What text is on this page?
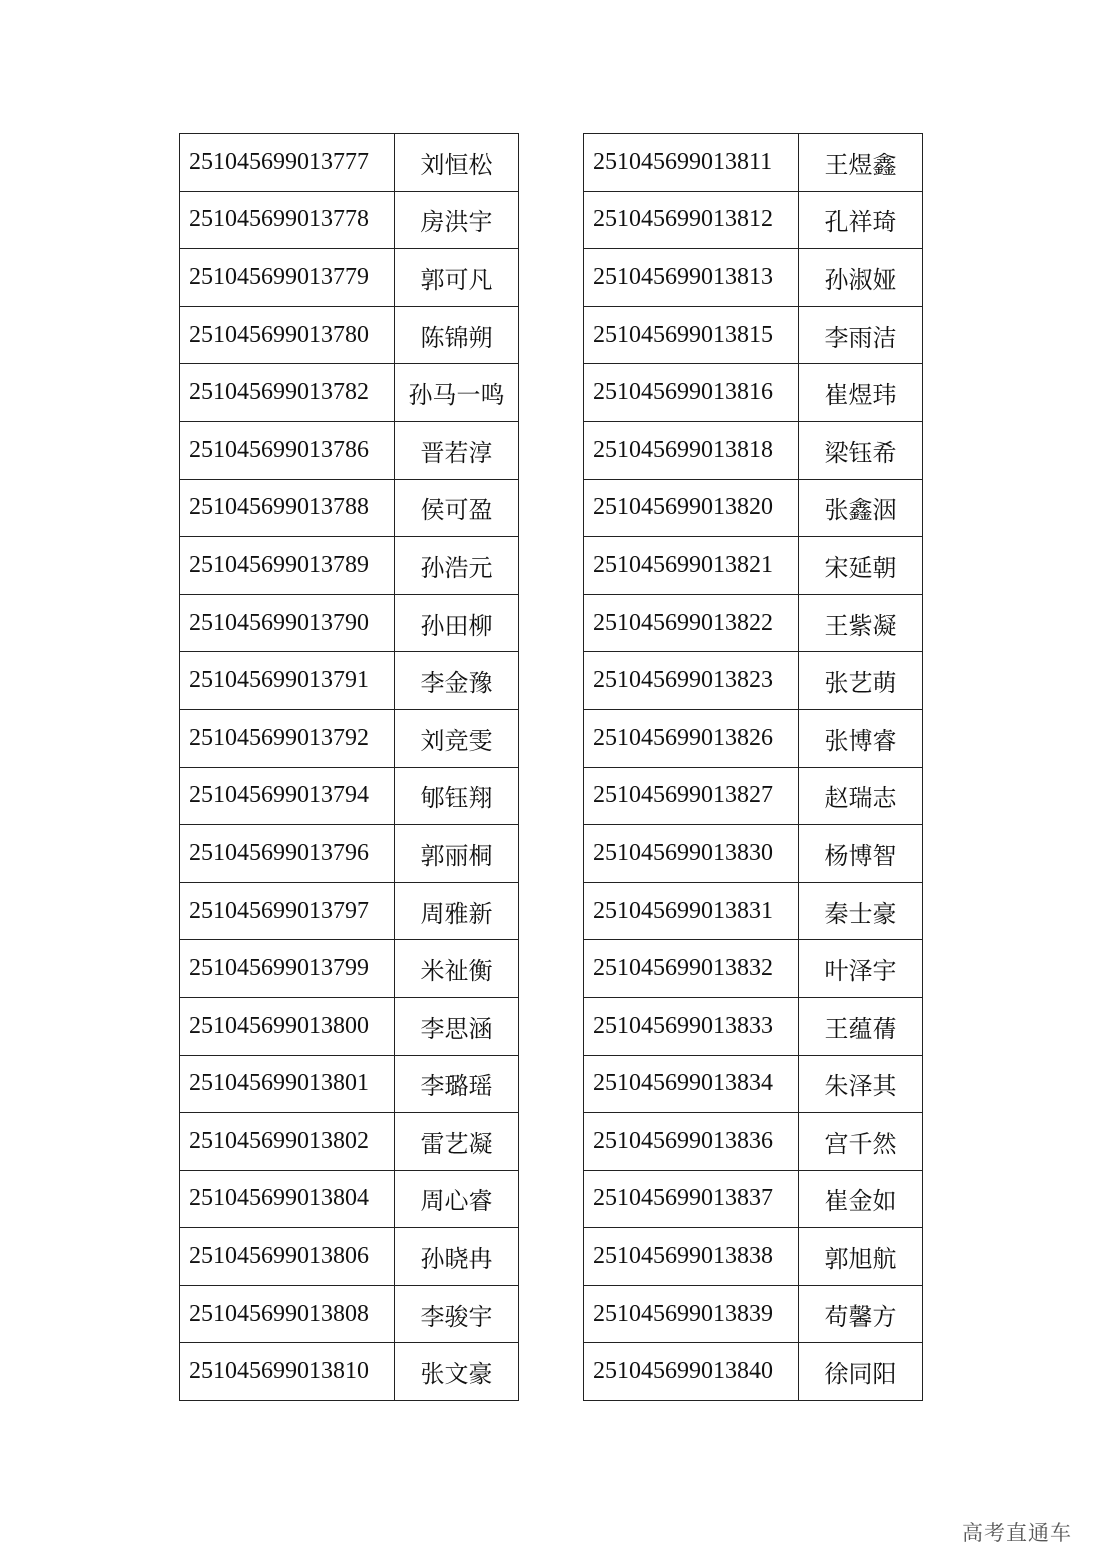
251045699013777	刘恒松
251045699013778	房洪宇
251045699013779	郭可凡
251045699013780	陈锦朔
251045699013782	孙马一鸣
251045699013786	晋若淳
251045699013788	侯可盈
251045699013789	孙浩元
251045699013790	孙田柳
251045699013791	李金豫
251045699013792	刘竞雯
251045699013794	郇钰翔
251045699013796	郭丽桐
251045699013797	周雅新
251045699013799	米祉衡
251045699013800	李思涵
251045699013801	李璐瑶
251045699013802	雷艺凝
251045699013804	周心睿
251045699013806	孙晓冉
251045699013808	李骏宇
251045699013810	张文豪
251045699013811	王煜鑫
251045699013812	孔祥琦
251045699013813	孙淑娅
251045699013815	李雨洁
251045699013816	崔煜玮
251045699013818	梁钰希
251045699013820	张鑫洇
251045699013821	宋延朝
251045699013822	王紫凝
251045699013823	张艺萌
251045699013826	张博睿
251045699013827	赵瑞志
251045699013830	杨博智
251045699013831	秦士豪
251045699013832	叶泽宇
251045699013833	王蕴蒨
251045699013834	朱泽其
251045699013836	宫千然
251045699013837	崔金如
251045699013838	郭旭航
251045699013839	苟馨方
251045699013840	徐同阳
高考直通车
